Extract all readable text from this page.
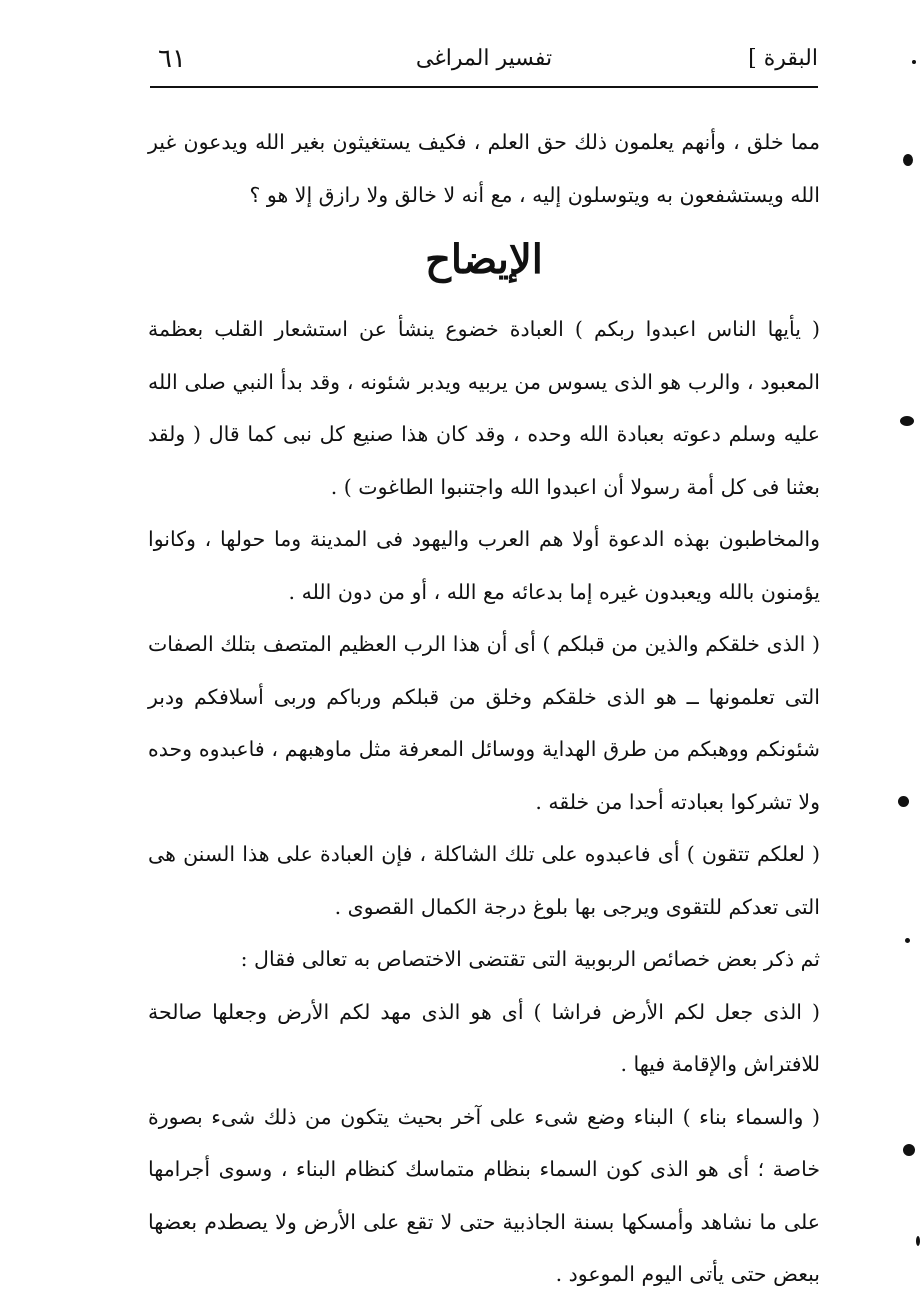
٦١	تفسير المراغى	البقرة ]

مما خلق ، وأنهم يعلمون ذلك حق العلم ، فكيف يستغيثون بغير الله ويدعون غير الله ويستشفعون به ويتوسلون إليه ، مع أنه لا خالق ولا رازق إلا هو ؟

الإيضاح

( يأيها الناس اعبدوا ربكم ) العبادة خضوع ينشأ عن استشعار القلب بعظمة المعبود ، والرب هو الذى يسوس من يربيه ويدبر شئونه ، وقد بدأ النبي صلى الله عليه وسلم دعوته بعبادة الله وحده ، وقد كان هذا صنيع كل نبى كما قال ( ولقد بعثنا فى كل أمة رسولا أن اعبدوا الله واجتنبوا الطاغوت ) .

والمخاطبون بهذه الدعوة أولا هم العرب واليهود فى المدينة وما حولها ، وكانوا يؤمنون بالله ويعبدون غيره إما بدعائه مع الله ، أو من دون الله .

( الذى خلقكم والذين من قبلكم ) أى أن هذا الرب العظيم المتصف بتلك الصفات التى تعلمونها ــ هو الذى خلقكم وخلق من قبلكم ورباكم وربى أسلافكم ودبر شئونكم ووهبكم من طرق الهداية ووسائل المعرفة مثل ماوهبهم ، فاعبدوه وحده ولا تشركوا بعبادته أحدا من خلقه .

( لعلكم تتقون ) أى فاعبدوه على تلك الشاكلة ، فإن العبادة على هذا السنن هى التى تعدكم للتقوى ويرجى بها بلوغ درجة الكمال القصوى .

ثم ذكر بعض خصائص الربوبية التى تقتضى الاختصاص به تعالى فقال :

( الذى جعل لكم الأرض فراشا ) أى هو الذى مهد لكم الأرض وجعلها صالحة للافتراش والإقامة فيها .

( والسماء بناء ) البناء وضع شىء على آخر بحيث يتكون من ذلك شىء بصورة خاصة ؛ أى هو الذى كون السماء بنظام متماسك كنظام البناء ، وسوى أجرامها على ما نشاهد وأمسكها بسنة الجاذبية حتى لا تقع على الأرض ولا يصطدم بعضها ببعض حتى يأتى اليوم الموعود .
